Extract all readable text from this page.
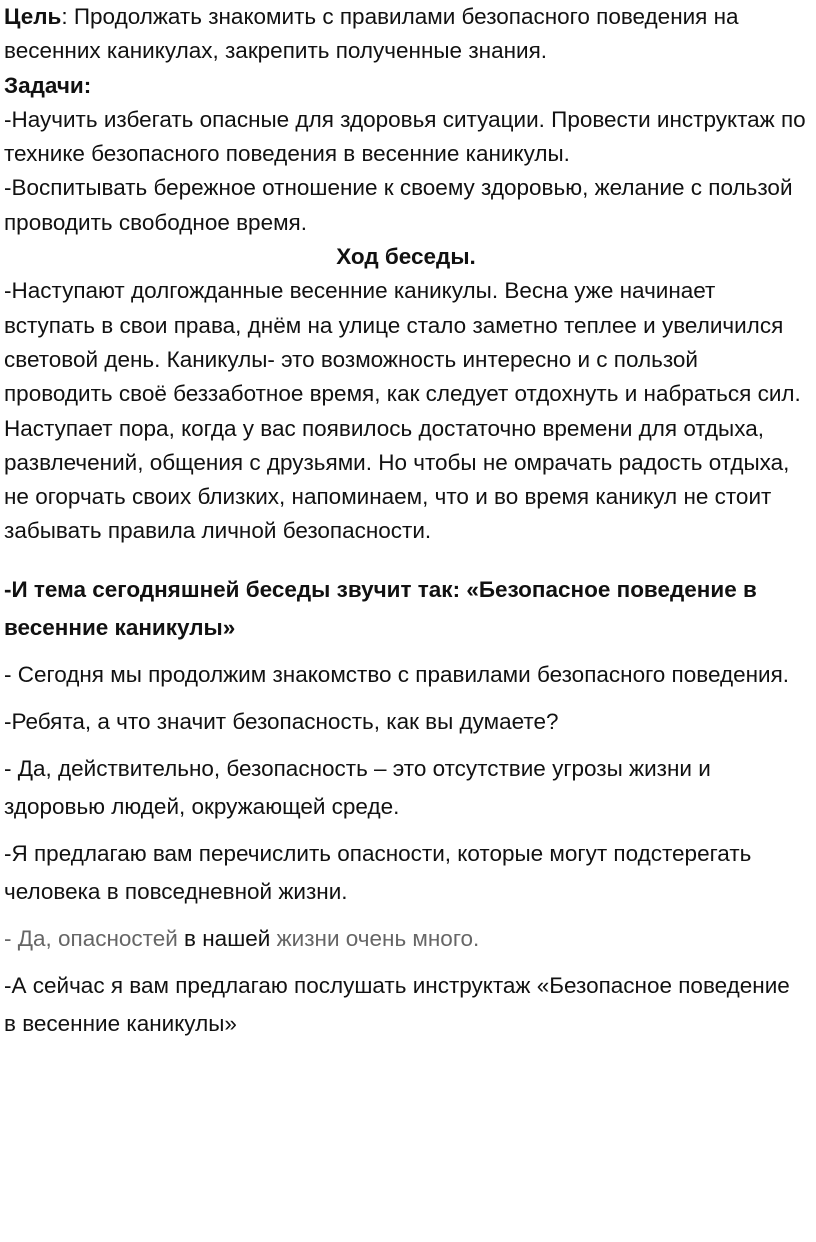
Цель: Продолжать знакомить с правилами безопасного поведения на весенних каникулах, закрепить полученные знания.

Задачи:

-Научить избегать опасные для здоровья ситуации. Провести инструктаж по технике безопасного поведения в весенние каникулы.

-Воспитывать бережное отношение к своему здоровью, желание с пользой проводить свободное время.

Ход беседы.

-Наступают долгожданные весенние каникулы. Весна уже начинает вступать в свои права, днём на улице стало заметно теплее и увеличился световой день. Каникулы- это возможность интересно и с пользой проводить своё беззаботное время, как следует отдохнуть и набраться сил.

Наступает пора, когда у вас появилось достаточно времени для отдыха, развлечений, общения с друзьями. Но чтобы не омрачать радость отдыха, не огорчать своих близких, напоминаем, что и во время каникул не стоит забывать правила личной безопасности.

-И тема сегодняшней беседы звучит так: «Безопасное поведение в весенние каникулы»

- Сегодня мы продолжим знакомство с правилами безопасного поведения.

-Ребята, а что значит безопасность, как вы думаете?

- Да, действительно, безопасность – это отсутствие угрозы жизни и здоровью людей, окружающей среде.

-Я предлагаю вам перечислить опасности, которые могут подстерегать человека в повседневной жизни.

- Да, опасностей в нашей жизни очень много.

-А сейчас я вам предлагаю послушать инструктаж «Безопасное поведение в весенние каникулы»
